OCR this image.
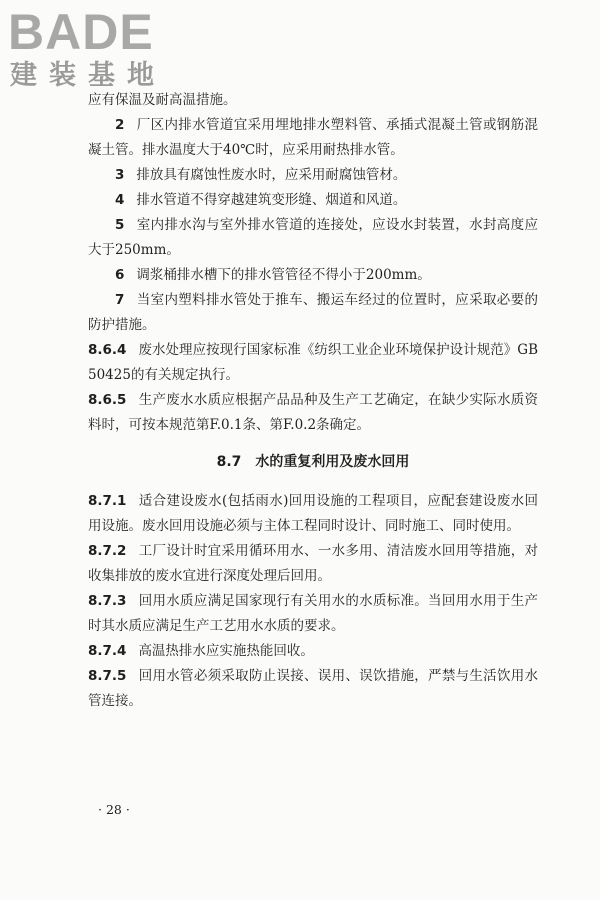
BADE
建装基地

应有保温及耐高温措施。

2 厂区内排水管道宜采用埋地排水塑料管、承插式混凝土管或钢筋混凝土管。排水温度大于40℃时，应采用耐热排水管。

3 排放具有腐蚀性废水时，应采用耐腐蚀管材。

4 排水管道不得穿越建筑变形缝、烟道和风道。

5 室内排水沟与室外排水管道的连接处，应设水封装置，水封高度应大于250mm。

6 调浆桶排水槽下的排水管管径不得小于200mm。

7 当室内塑料排水管处于推车、搬运车经过的位置时，应采取必要的防护措施。

8.6.4 废水处理应按现行国家标准《纺织工业企业环境保护设计规范》GB 50425的有关规定执行。

8.6.5 生产废水水质应根据产品品种及生产工艺确定，在缺少实际水质资料时，可按本规范第F.0.1条、第F.0.2条确定。

8.7 水的重复利用及废水回用

8.7.1 适合建设废水(包括雨水)回用设施的工程项目，应配套建设废水回用设施。废水回用设施必须与主体工程同时设计、同时施工、同时使用。

8.7.2 工厂设计时宜采用循环用水、一水多用、清洁废水回用等措施，对收集排放的废水宜进行深度处理后回用。

8.7.3 回用水质应满足国家现行有关用水的水质标准。当回用水用于生产时其水质应满足生产工艺用水水质的要求。

8.7.4 高温热排水应实施热能回收。

8.7.5 回用水管必须采取防止误接、误用、误饮措施，严禁与生活饮用水管连接。

· 28 ·
